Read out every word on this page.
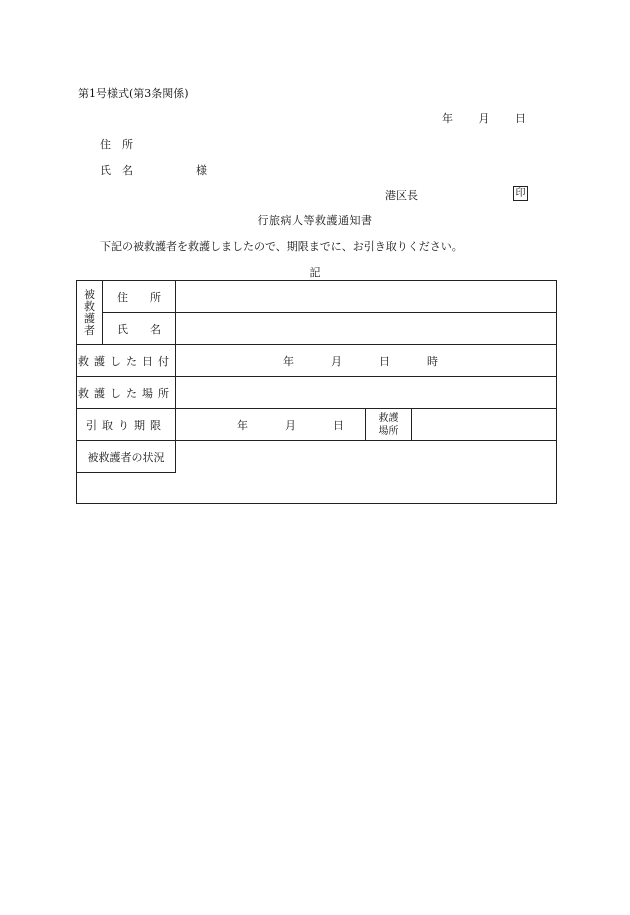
第1号様式(第3条関係)
年 月 日
住　所
氏　名	様
港区長	印
行旅病人等救護通知書
下記の被救護者を救護しましたので、期限までに、お引き取りください。
記
被
救
護
者	住　　所			
	氏　　名			
救護した日付		年 月 日 時		
救護した場所				
引取り期限		年 月 日	救護
場所	

被救護者の状況				
